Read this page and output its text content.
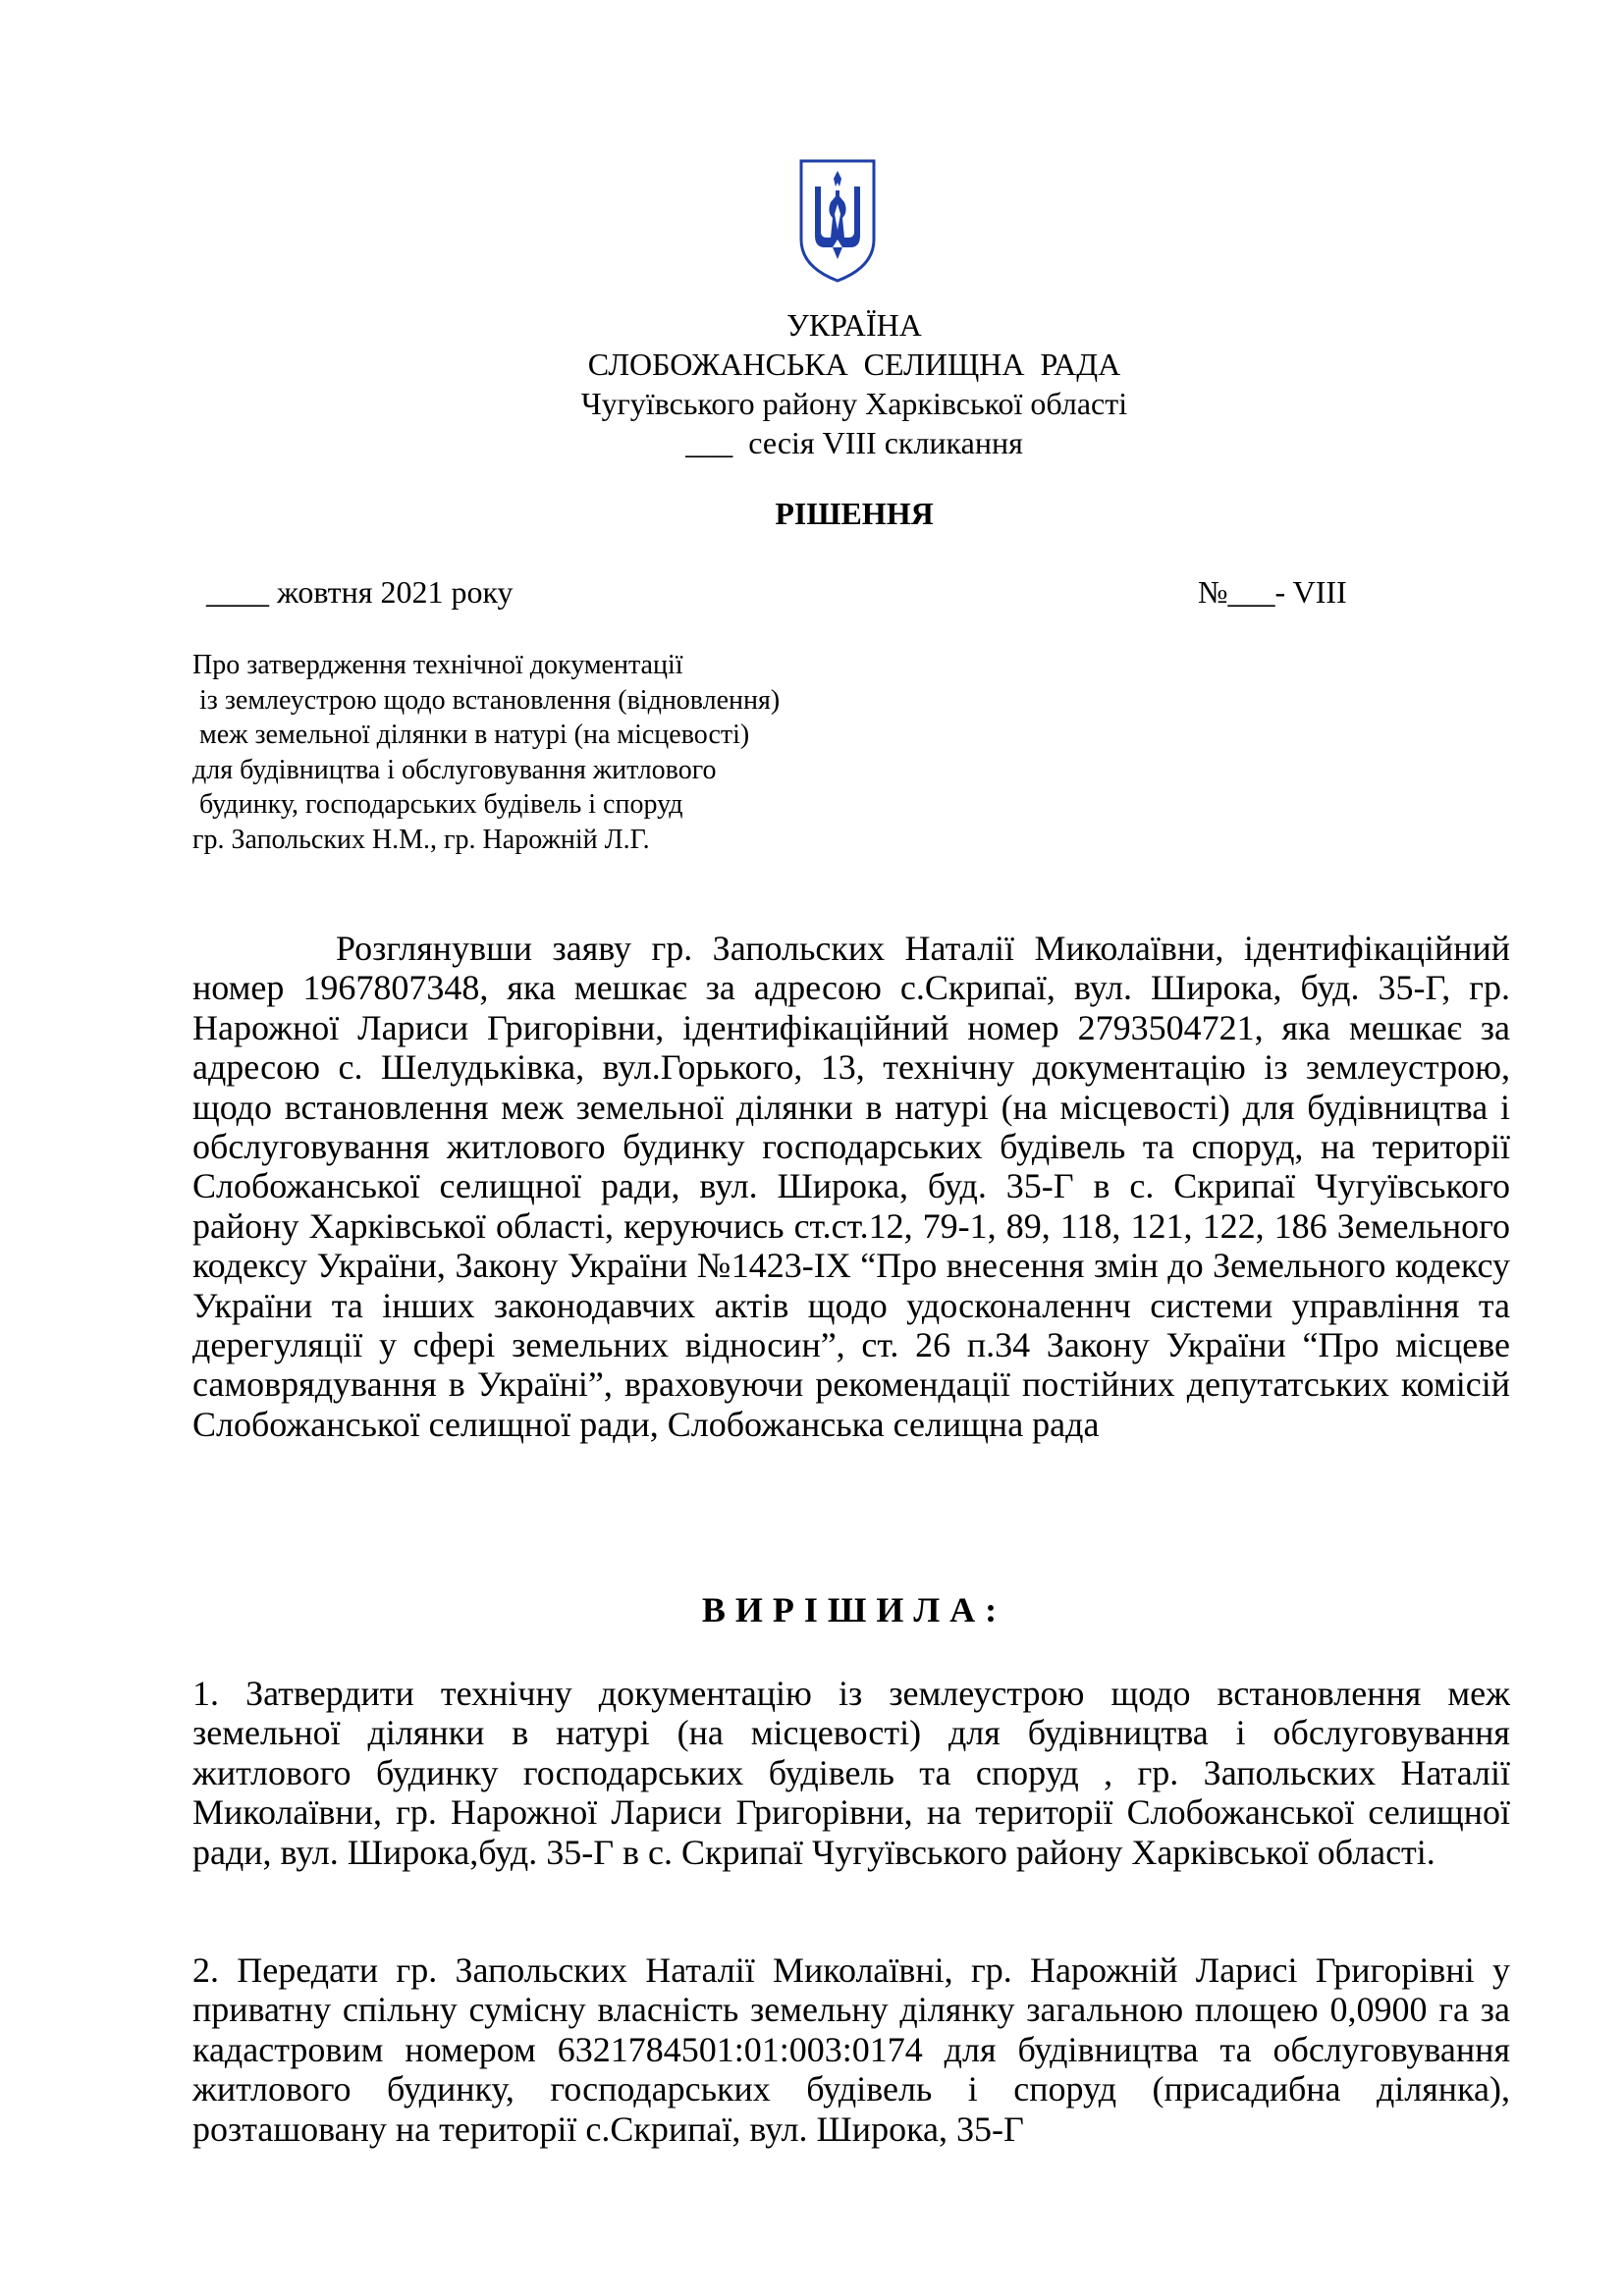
УКРАЇНА
СЛОБОЖАНСЬКА  СЕЛИЩНА  РАДА
Чугуївського району Харківської області
___  сесія VIII скликання
РІШЕННЯ
____ жовтня 2021 року	№___- VIII
Про затвердження технічної документації
із землеустрою щодо встановлення (відновлення)
меж земельної ділянки в натурі (на місцевості)
для будівництва і обслуговування житлового
будинку, господарських будівель і споруд
гр. Запольских Н.М., гр. Нарожній Л.Г.
Розглянувши заяву гр. Запольских Наталії Миколаївни, ідентифікаційний номер 1967807348, яка мешкає за адресою с.Скрипаї, вул. Широка, буд. 35-Г, гр. Нарожної Лариси Григорівни, ідентифікаційний номер 2793504721, яка мешкає за адресою с. Шелудьківка, вул.Горького, 13, технічну документацію із землеустрою, щодо встановлення меж земельної ділянки в натурі (на місцевості) для будівництва і обслуговування житлового будинку господарських будівель та споруд, на території Слобожанської селищної ради, вул. Широка, буд. 35-Г в с. Скрипаї Чугуївського району Харківської області, керуючись ст.ст.12, 79-1, 89, 118, 121, 122, 186 Земельного кодексу України, Закону України №1423-IX “Про внесення змін до Земельного кодексу України та інших законодавчих актів щодо удосконаленнч системи управління та дерегуляції у сфері земельних відносин”, ст. 26 п.34 Закону України “Про місцеве самоврядування в Україні”, враховуючи рекомендації постійних депутатських комісій Слобожанської селищної ради, Слобожанська селищна рада
ВИРІШИЛА:
1. Затвердити технічну документацію із землеустрою щодо встановлення меж земельної ділянки в натурі (на місцевості) для будівництва і обслуговування житлового будинку господарських будівель та споруд , гр. Запольских Наталії Миколаївни, гр. Нарожної Лариси Григорівни, на території Слобожанської селищної ради, вул. Широка,буд. 35-Г в с. Скрипаї Чугуївського району Харківської області.
2. Передати гр. Запольских Наталії Миколаївні, гр. Нарожній Ларисі Григорівні у приватну спільну сумісну власність земельну ділянку загальною площею 0,0900 га за кадастровим номером 6321784501:01:003:0174 для будівництва та обслуговування житлового будинку, господарських будівель і споруд (присадибна ділянка), розташовану на території с.Скрипаї, вул. Широка, 35-Г
